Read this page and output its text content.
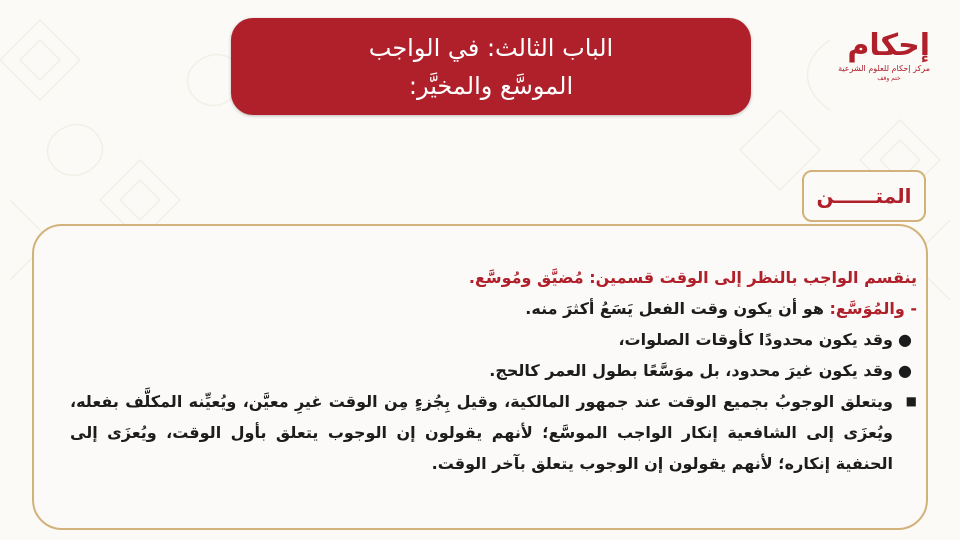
الباب الثالث: في الواجب
الموسَّع والمخيَّر:
إحكام
مركز إحكام للعلوم الشرعية
ختم وقف
المتــــــن
ينقسم الواجب بالنظر إلى الوقت قسمين: مُضيَّق ومُوسَّع.
- والمُوَسَّع: هو أن يكون وقت الفعل يَسَعُ أكثرَ منه.
●وقد يكون محدودًا كأوقات الصلوات،
●وقد يكون غيرَ محدود، بل موَسَّعًا بطول العمر كالحج.
■
ويتعلق الوجوبُ بجميع الوقت عند جمهور المالكية، وقيل بِجُزءٍ مِن الوقت غيرِ معيَّن، ويُعيِّنه المكلَّف بفعله، ويُعزَى إلى الشافعية إنكار الواجب الموسَّع؛ لأنهم يقولون إن الوجوب يتعلق بأول الوقت، ويُعزَى إلى الحنفية إنكاره؛ لأنهم يقولون إن الوجوب يتعلق بآخر الوقت.
